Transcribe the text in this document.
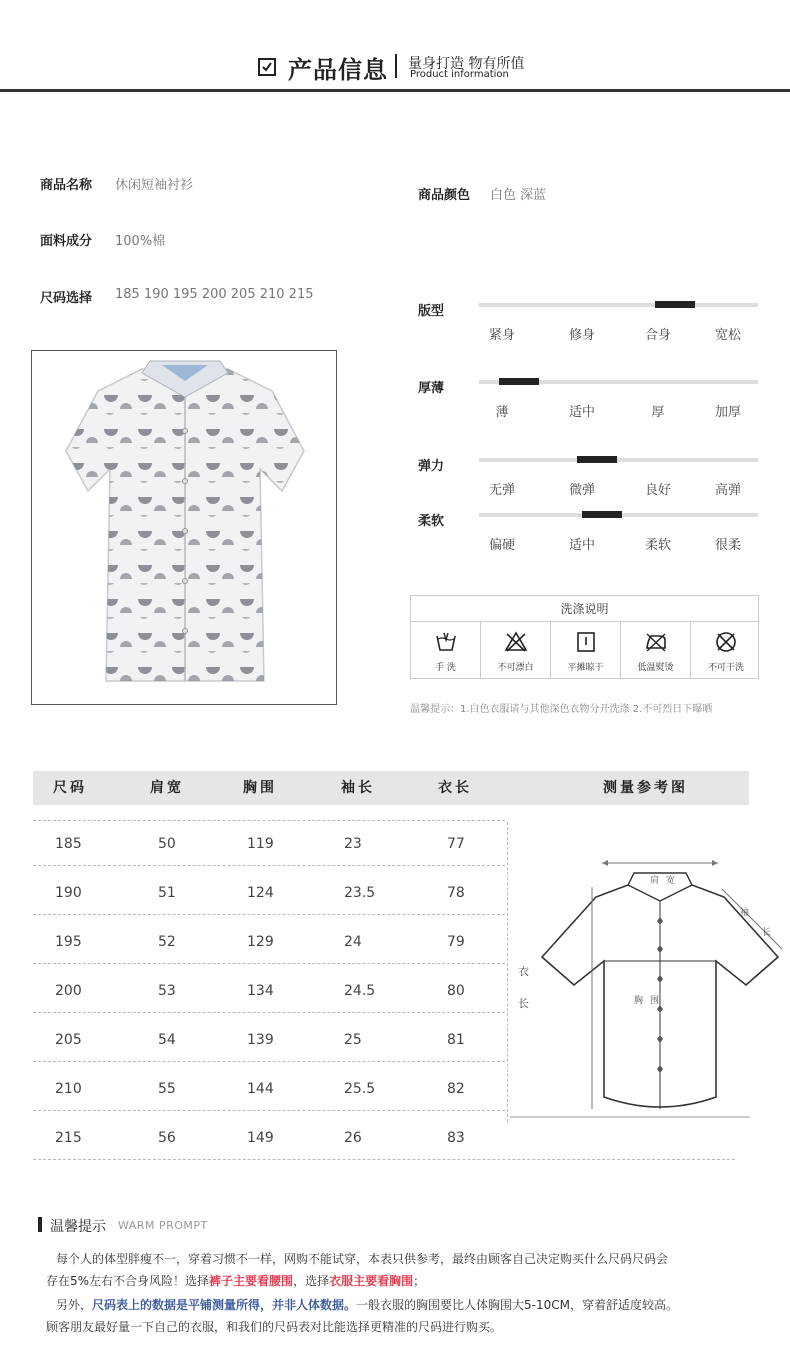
产品信息 量身打造 物有所值
Product information
商品名称 休闲短袖衬衫
面料成分 100%棉
尺码选择 185 190 195 200 205 210 215
商品颜色 白色 深蓝
版型
紧身	修身	合身	宽松
厚薄
薄	适中	厚	加厚
弹力
无弹	微弹	良好	高弹
柔软
偏硬	适中	柔软	很柔
洗涤说明
手 洗	不可漂白	平摊晾干	低温熨烫	不可干洗
温馨提示：1.白色衣服请与其他深色衣物分开洗涤 2.不可烈日下曝晒
尺码	肩宽	胸围	袖长	衣长	测量参考图
185	50	119	23	77
190	51	124	23.5	78
195	52	129	24	79
200	53	134	24.5	80
205	54	139	25	81
210	55	144	25.5	82
215	56	149	26	83
肩 宽
袖
长
衣
长	胸 围
温馨提示 WARM PROMPT
每个人的体型胖瘦不一，穿着习惯不一样，网购不能试穿，本表只供参考，最终由顾客自己决定购买什么尺码尺码会
存在5%左右不合身风险！选择裤子主要看腰围，选择衣服主要看胸围；
另外，尺码表上的数据是平铺测量所得，并非人体数据。一般衣服的胸围要比人体胸围大5-10CM，穿着舒适度较高。
顾客朋友最好量一下自己的衣服，和我们的尺码表对比能选择更精准的尺码进行购买。
